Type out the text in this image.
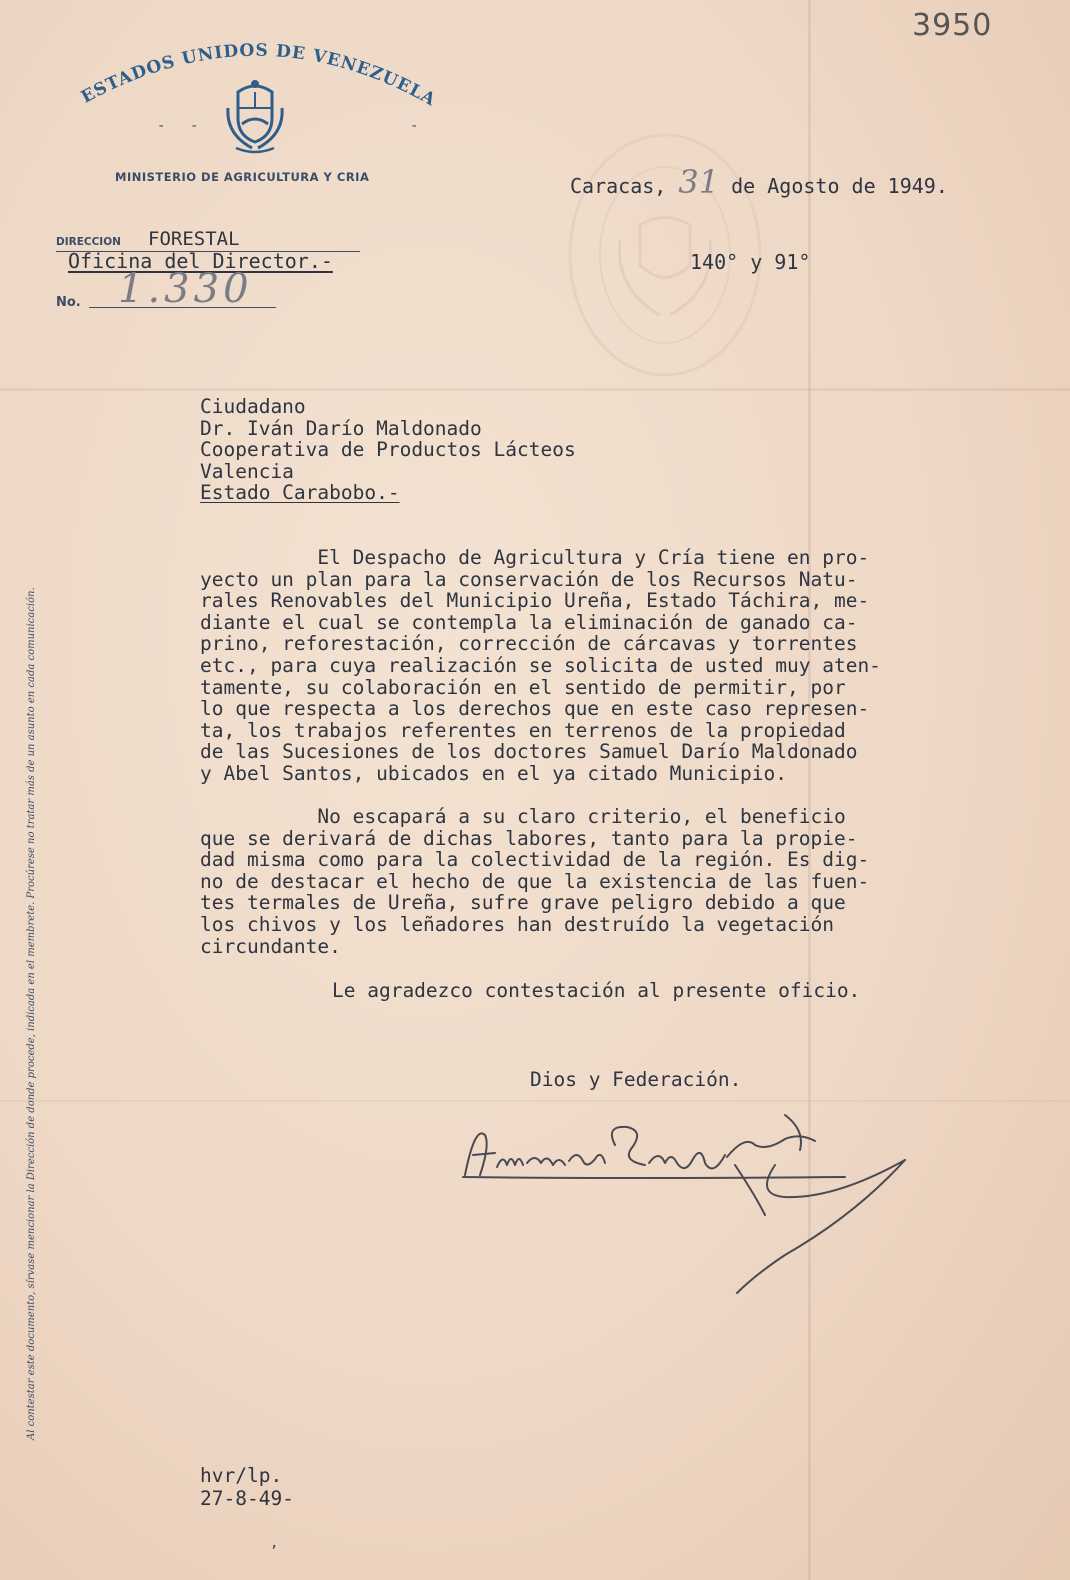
3950
ESTADOS UNIDOS DE VENEZUELA
- -	-
MINISTERIO DE AGRICULTURA Y CRIA	Caracas, 31 de Agosto de 1949.
DIRECCION FORESTAL
Oficina del Director.-
No. 1.330
140° y 91°
Ciudadano
Dr. Iván Darío Maldonado
Cooperativa de Productos Lácteos
Valencia
Estado Carabobo.-
El Despacho de Agricultura y Cría tiene en pro-
yecto un plan para la conservación de los Recursos Natu-
rales Renovables del Municipio Ureña, Estado Táchira, me-
diante el cual se contempla la eliminación de ganado ca-
prino, reforestación, corrección de cárcavas y torrentes
etc., para cuya realización se solicita de usted muy aten-
tamente, su colaboración en el sentido de permitir, por
lo que respecta a los derechos que en este caso represen-
ta, los trabajos referentes en terrenos de la propiedad
de las Sucesiones de los doctores Samuel Darío Maldonado
y Abel Santos, ubicados en el ya citado Municipio.
No escapará a su claro criterio, el beneficio
que se derivará de dichas labores, tanto para la propie-
dad misma como para la colectividad de la región. Es dig-
no de destacar el hecho de que la existencia de las fuen-
tes termales de Ureña, sufre grave peligro debido a que
los chivos y los leñadores han destruído la vegetación
circundante.
Le agradezco contestación al presente oficio.
Dios y Federación.
hvr/lp.
27-8-49-
Al contestar este documento, sírvase mencionar la Dirección de donde procede, indicada en el membrete. Procúrese no tratar más de un asunto en cada comunicación.
,
